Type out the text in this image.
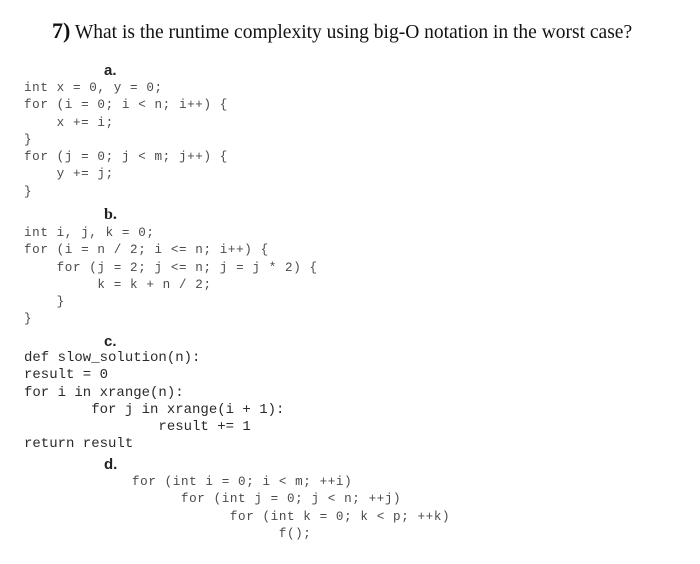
7) What is the runtime complexity using big-O notation in the worst case?
a.
int x = 0, y = 0;
for (i = 0; i < n; i++) {
x += i;
}
for (j = 0; j < m; j++) {
y += j;
}
b.
int i, j, k = 0;
for (i = n / 2; i <= n; i++) {
for (j = 2; j <= n; j = j * 2) {
k = k + n / 2;
}
}
c.
def slow_solution(n):
result = 0
for i in xrange(n):
for j in xrange(i + 1):
result += 1
return result
d.
for (int i = 0; i < m; ++i)
for (int j = 0; j < n; ++j)
for (int k = 0; k < p; ++k)
f();
